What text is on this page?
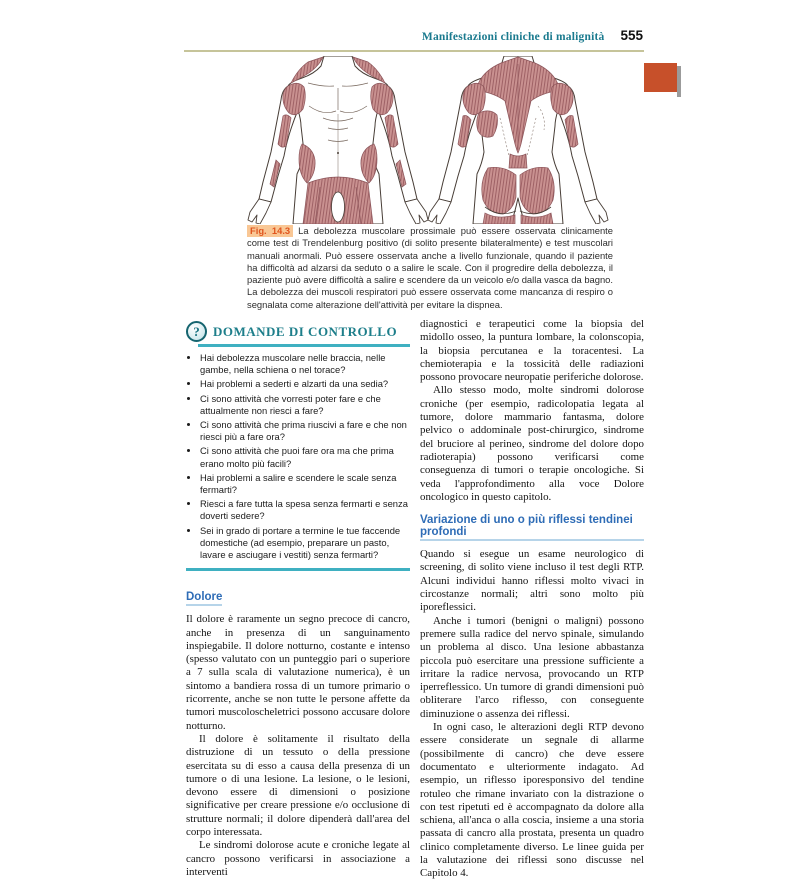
Manifestazioni cliniche di malignità 555
Fig. 14.3 La debolezza muscolare prossimale può essere osservata clinicamente come test di Trendelenburg positivo (di solito presente bilateralmente) e test muscolari manuali anormali. Può essere osservata anche a livello funzionale, quando il paziente ha difficoltà ad alzarsi da seduto o a salire le scale. Con il progredire della debolezza, il paziente può avere difficoltà a salire e scendere da un veicolo e/o dalla vasca da bagno. La debolezza dei muscoli respiratori può essere osservata come mancanza di respiro o segnalata come alterazione dell'attività per evitare la dispnea.
?	DOMANDE DI CONTROLLO
• Hai debolezza muscolare nelle braccia, nelle gambe, nella schiena o nel torace?
• Hai problemi a sederti e alzarti da una sedia?
• Ci sono attività che vorresti poter fare e che attualmente non riesci a fare?
• Ci sono attività che prima riuscivi a fare e che non riesci più a fare ora?
• Ci sono attività che puoi fare ora ma che prima erano molto più facili?
• Hai problemi a salire e scendere le scale senza fermarti?
• Riesci a fare tutta la spesa senza fermarti e senza doverti sedere?
• Sei in grado di portare a termine le tue faccende domestiche (ad esempio, preparare un pasto, lavare e asciugare i vestiti) senza fermarti?
Dolore

Il dolore è raramente un segno precoce di cancro, anche in presenza di un sanguinamento inspiegabile. Il dolore notturno, costante e intenso (spesso valutato con un punteggio pari o superiore a 7 sulla scala di valutazione numerica), è un sintomo a bandiera rossa di un tumore primario o ricorrente, anche se non tutte le persone affette da tumori muscoloscheletrici possono accusare dolore notturno.

Il dolore è solitamente il risultato della distruzione di un tessuto o della pressione esercitata su di esso a causa della presenza di un tumore o di una lesione. La lesione, o le lesioni, devono essere di dimensioni o posizione significative per creare pressione e/o occlusione di strutture normali; il dolore dipenderà dall'area del corpo interessata.

Le sindromi dolorose acute e croniche legate al cancro possono verificarsi in associazione a interventi

diagnostici e terapeutici come la biopsia del midollo osseo, la puntura lombare, la colonscopia, la biopsia percutanea e la toracentesi. La chemioterapia e la tossicità delle radiazioni possono provocare neuropatie periferiche dolorose.

Allo stesso modo, molte sindromi dolorose croniche (per esempio, radicolopatia legata al tumore, dolore mammario fantasma, dolore pelvico o addominale post-chirurgico, sindrome del bruciore al perineo, sindrome del dolore dopo radioterapia) possono verificarsi come conseguenza di tumori o terapie oncologiche. Si veda l'approfondimento alla voce Dolore oncologico in questo capitolo.

Variazione di uno o più riflessi tendinei profondi

Quando si esegue un esame neurologico di screening, di solito viene incluso il test degli RTP. Alcuni individui hanno riflessi molto vivaci in circostanze normali; altri sono molto più iporeflessici.

Anche i tumori (benigni o maligni) possono premere sulla radice del nervo spinale, simulando un problema al disco. Una lesione abbastanza piccola può esercitare una pressione sufficiente a irritare la radice nervosa, provocando un RTP iperreflessico. Un tumore di grandi dimensioni può obliterare l'arco riflesso, con conseguente diminuzione o assenza dei riflessi.

In ogni caso, le alterazioni degli RTP devono essere considerate un segnale di allarme (possibilmente di cancro) che deve essere documentato e ulteriormente indagato. Ad esempio, un riflesso iporesponsivo del tendine rotuleo che rimane invariato con la distrazione o con test ripetuti ed è accompagnato da dolore alla schiena, all'anca o alla coscia, insieme a una storia passata di cancro alla prostata, presenta un quadro clinico completamente diverso. Le linee guida per la valutazione dei riflessi sono discusse nel Capitolo 4.
